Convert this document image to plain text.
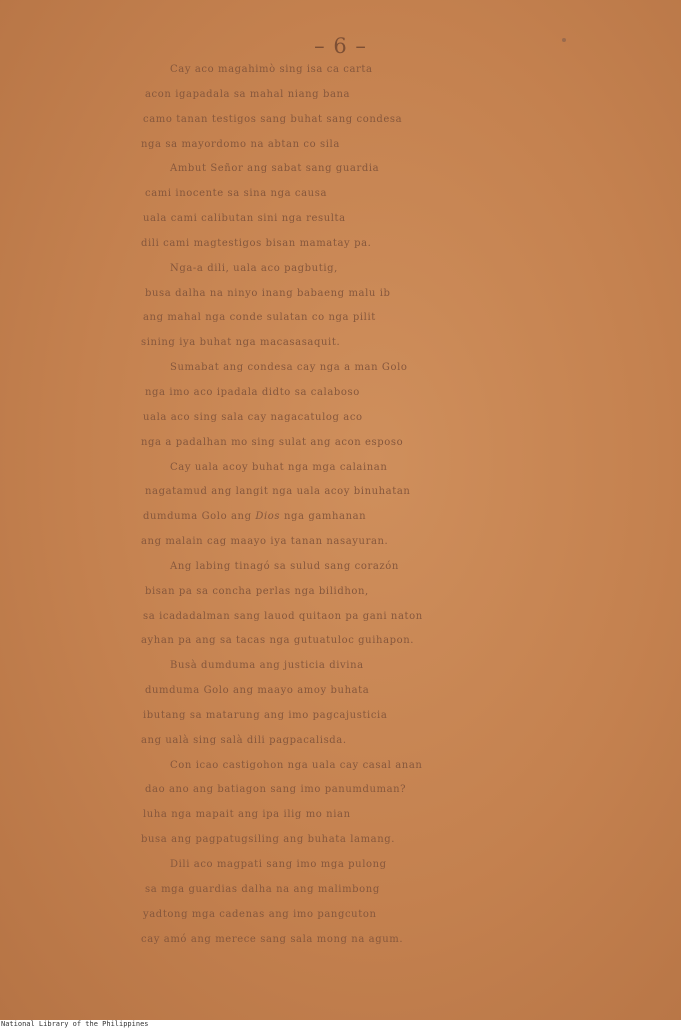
– 6 –
Cay aco magahimò sing isa ca carta
acon igapadala sa mahal niang bana
camo tanan testigos sang buhat sang condesa
nga sa mayordomo na abtan co sila
Ambut Señor ang sabat sang guardia
cami inocente sa sina nga causa
uala cami calibutan sini nga resulta
dili cami magtestigos bisan mamatay pa.
Nga-a dili, uala aco pagbutig,
busa dalha na ninyo inang babaeng malu ib
ang mahal nga conde sulatan co nga pilit
sining iya buhat nga macasasaquit.
Sumabat ang condesa cay nga a man Golo
nga imo aco ipadala didto sa calaboso
uala aco sing sala cay nagacatulog aco
nga a padalhan mo sing sulat ang acon esposo
Cay uala acoy buhat nga mga calainan
nagatamud ang langit nga uala acoy binuhatan
dumduma Golo ang Dios nga gamhanan
ang malain cag maayo iya tanan nasayuran.
Ang labing tinagó sa sulud sang corazón
bisan pa sa concha perlas nga bilidhon,
sa icadadalman sang lauod quitaon pa gani naton
ayhan pa ang sa tacas nga gutuatuloc guihapon.
Busà dumduma ang justicia divina
dumduma Golo ang maayo amoy buhata
ibutang sa matarung ang imo pagcajusticia
ang ualà sing salà dili pagpacalisda.
Con icao castigohon nga uala cay casal anan
dao ano ang batiagon sang imo panumduman?
luha nga mapait ang ipa ilig mo nian
busa ang pagpatugsiling ang buhata lamang.
Dili aco magpati sang imo mga pulong
sa mga guardias dalha na ang malimbong
yadtong mga cadenas ang imo pangcuton
cay amó ang merece sang sala mong na agum.
National Library of the Philippines
